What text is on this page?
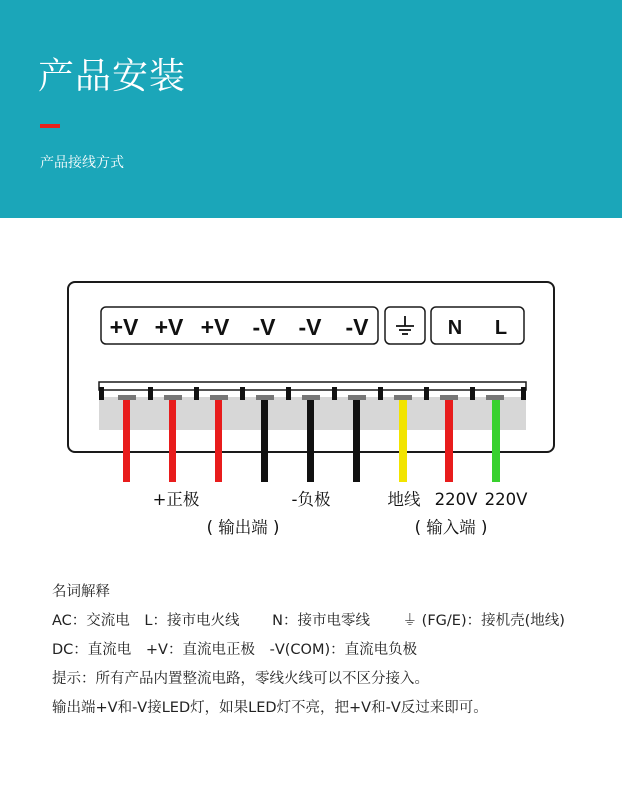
产品安装
产品接线方式
+V +V +V -V -V -V	N L
+正极	-负极	地线 220V 220V
( 输出端 )	( 输入端 )
名词解释
AC：交流电 L：接市电火线 N：接市电零线 ⏚ (FG/E)：接机壳(地线)
DC：直流电 +V：直流电正极 -V(COM)：直流电负极
提示：所有产品内置整流电路，零线火线可以不区分接入。
输出端+V和-V接LED灯，如果LED灯不亮，把+V和-V反过来即可。
